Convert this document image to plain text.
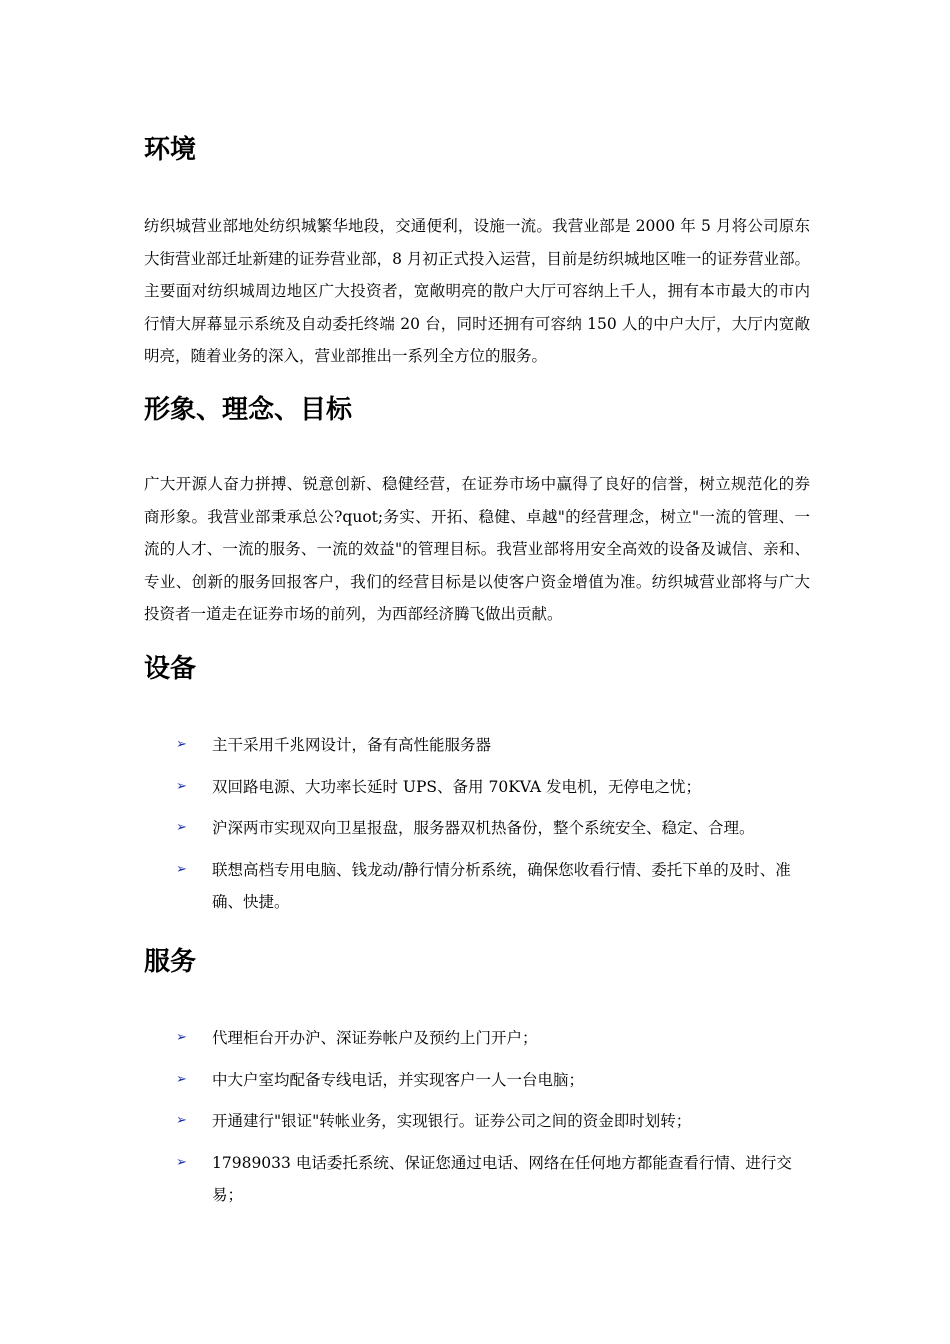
环境

纺织城营业部地处纺织城繁华地段，交通便利，设施一流。我营业部是 2000 年 5 月将公司原东大街营业部迁址新建的证券营业部，8 月初正式投入运营，目前是纺织城地区唯一的证券营业部。主要面对纺织城周边地区广大投资者，宽敞明亮的散户大厅可容纳上千人，拥有本市最大的市内行情大屏幕显示系统及自动委托终端 20 台，同时还拥有可容纳 150 人的中户大厅，大厅内宽敞明亮，随着业务的深入，营业部推出一系列全方位的服务。

形象、理念、目标

广大开源人奋力拼搏、锐意创新、稳健经营，在证券市场中赢得了良好的信誉，树立规范化的券商形象。我营业部秉承总公?quot;务实、开拓、稳健、卓越"的经营理念，树立"一流的管理、一流的人才、一流的服务、一流的效益"的管理目标。我营业部将用安全高效的设备及诚信、亲和、专业、创新的服务回报客户，我们的经营目标是以使客户资金增值为准。纺织城营业部将与广大投资者一道走在证券市场的前列，为西部经济腾飞做出贡献。

设备
➢ 主干采用千兆网设计，备有高性能服务器
➢ 双回路电源、大功率长延时 UPS、备用 70KVA 发电机，无停电之忧；
➢ 沪深两市实现双向卫星报盘，服务器双机热备份，整个系统安全、稳定、合理。
➢ 联想高档专用电脑、钱龙动/静行情分析系统，确保您收看行情、委托下单的及时、准确、快捷。
服务
➢ 代理柜台开办沪、深证券帐户及预约上门开户；
➢ 中大户室均配备专线电话，并实现客户一人一台电脑；
➢ 开通建行"银证"转帐业务，实现银行。证券公司之间的资金即时划转；
➢ 17989033 电话委托系统、保证您通过电话、网络在任何地方都能查看行情、进行交易；
